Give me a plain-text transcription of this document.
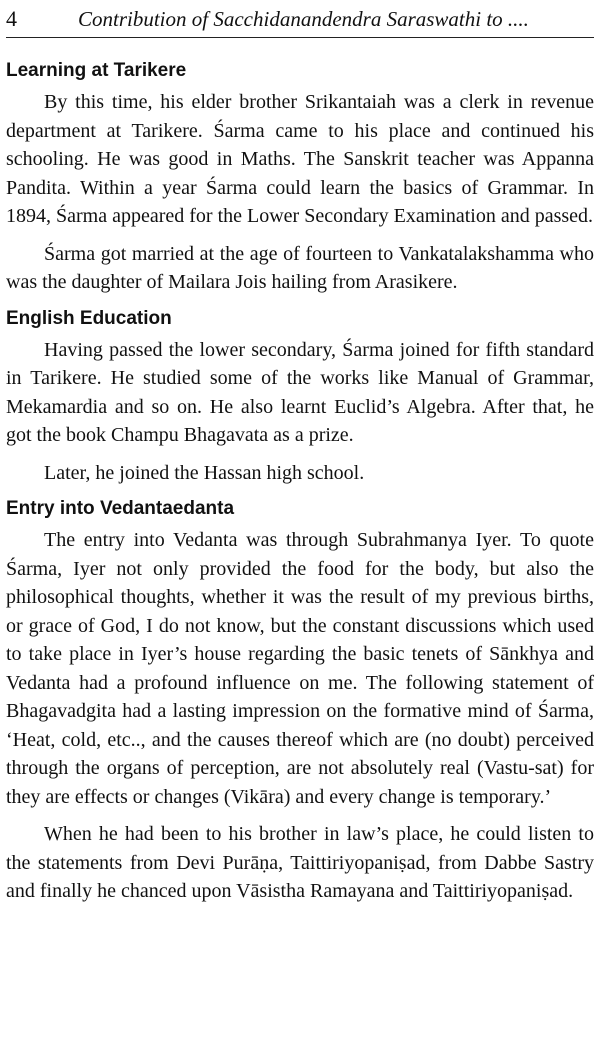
4	Contribution of Sacchidanandendra Saraswathi to ....
Learning at Tarikere

By this time, his elder brother Srikantaiah was a clerk in revenue department at Tarikere. Śarma came to his place and continued his schooling. He was good in Maths. The Sanskrit teacher was Appanna Pandita. Within a year Śarma could learn the basics of Grammar. In 1894, Śarma appeared for the Lower Secondary Examination and passed.

Śarma got married at the age of fourteen to Vankatalakshamma who was the daughter of Mailara Jois hailing from Arasikere.

English Education

Having passed the lower secondary, Śarma joined for fifth standard in Tarikere. He studied some of the works like Manual of Grammar, Mekamardia and so on. He also learnt Euclid’s Algebra. After that, he got the book Champu Bhagavata as a prize.

Later, he joined the Hassan high school.

Entry into Vedantaedanta

The entry into Vedanta was through Subrahmanya Iyer. To quote Śarma, Iyer not only provided the food for the body, but also the philosophical thoughts, whether it was the result of my previous births, or grace of God, I do not know, but the constant discussions which used to take place in Iyer’s house regarding the basic tenets of Sānkhya and Vedanta had a profound influence on me. The following statement of Bhagavadgita had a lasting impression on the formative mind of Śarma, ‘Heat, cold, etc.., and the causes thereof which are (no doubt) perceived through the organs of perception, are not absolutely real (Vastu-sat) for they are effects or changes (Vikāra) and every change is temporary.’

When he had been to his brother in law’s place, he could listen to the statements from Devi Purāṇa, Taittiriyopaniṣad, from Dabbe Sastry and finally he chanced upon Vāsistha Ramayana and Taittiriyopaniṣad.
